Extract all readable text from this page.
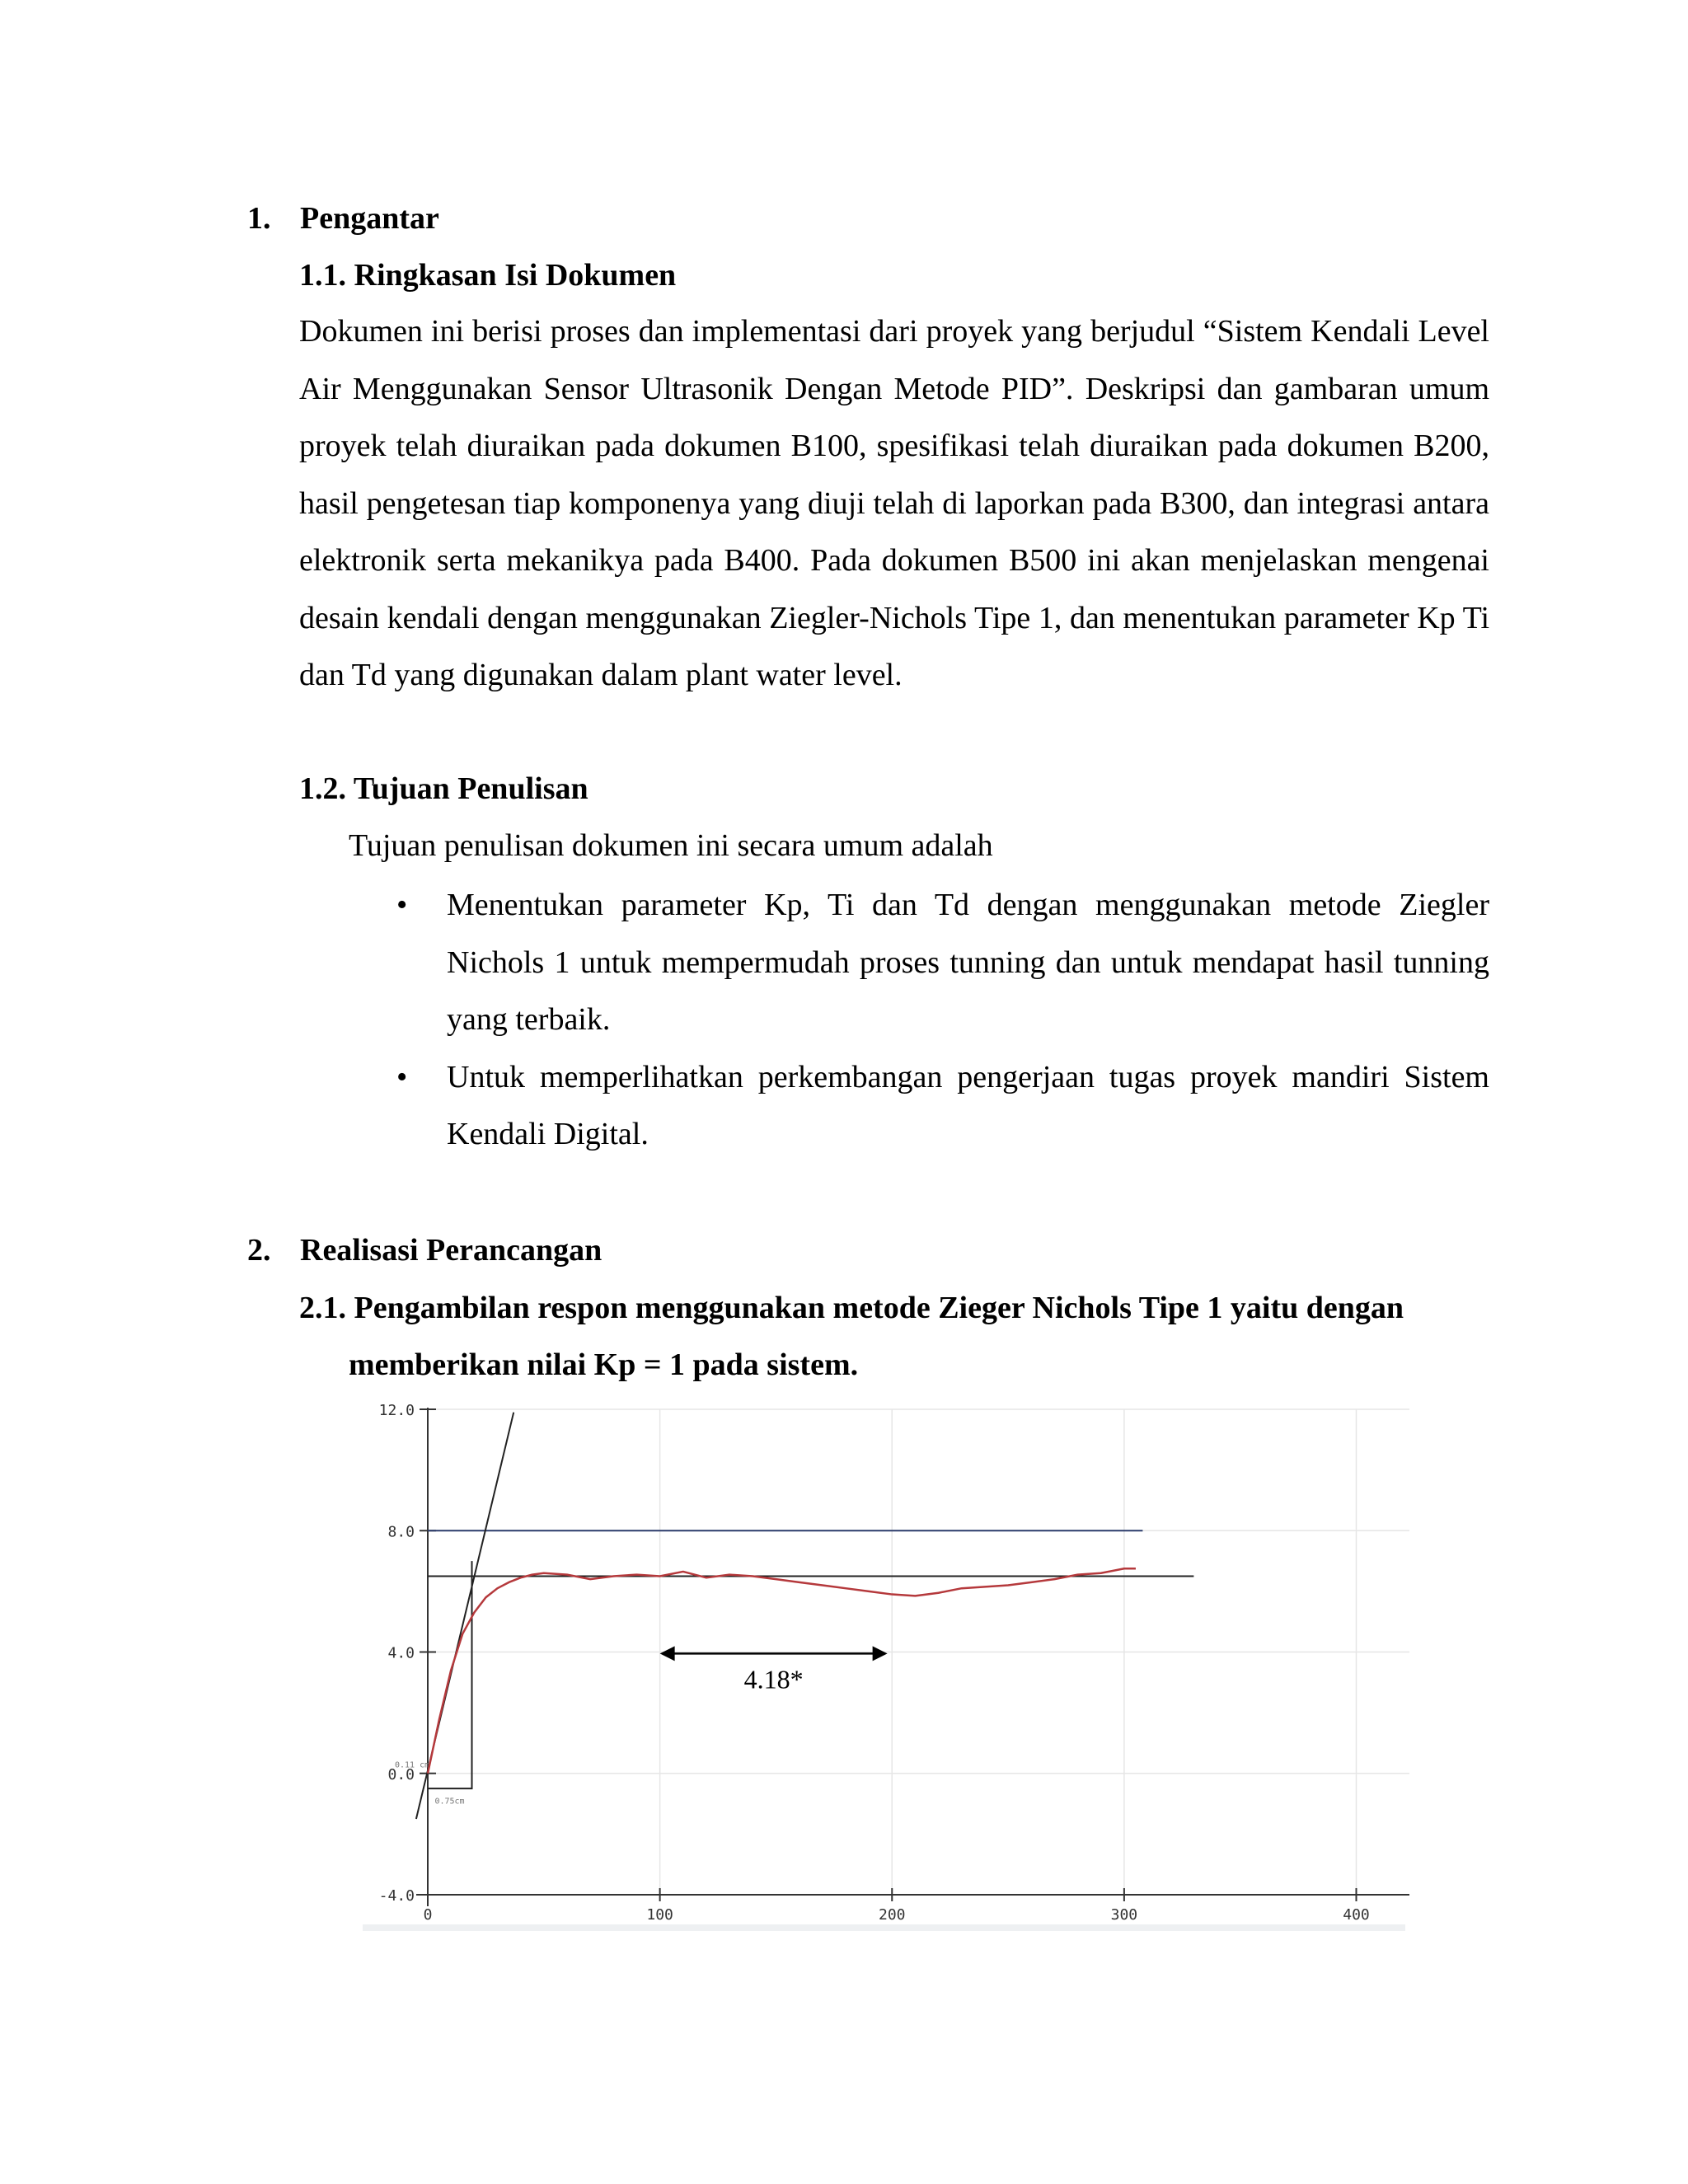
1. Pengantar
1.1. Ringkasan Isi Dokumen
Dokumen ini berisi proses dan implementasi dari proyek yang berjudul “Sistem Kendali Level Air Menggunakan Sensor Ultrasonik Dengan Metode PID”. Deskripsi dan gambaran umum proyek telah diuraikan pada dokumen B100, spesifikasi telah diuraikan pada dokumen B200, hasil pengetesan tiap komponenya yang diuji telah di laporkan pada B300, dan integrasi antara elektronik serta mekanikya pada B400. Pada dokumen B500 ini akan menjelaskan mengenai desain kendali dengan menggunakan Ziegler-Nichols Tipe 1, dan menentukan parameter Kp Ti dan Td yang digunakan dalam plant water level.
1.2. Tujuan Penulisan
Tujuan penulisan dokumen ini secara umum adalah
• Menentukan parameter Kp, Ti dan Td dengan menggunakan metode Ziegler Nichols 1 untuk mempermudah proses tunning dan untuk mendapat hasil tunning yang terbaik.
• Untuk memperlihatkan perkembangan pengerjaan tugas proyek mandiri Sistem Kendali Digital.
2. Realisasi Perancangan
2.1. Pengambilan respon menggunakan metode Zieger Nichols Tipe 1 yaitu dengan
memberikan nilai Kp = 1 pada sistem.
12.0
8.0
4.0
0.0
-4.0
0	100	200	300	400
0.11 cm
0.75cm
4.18*
